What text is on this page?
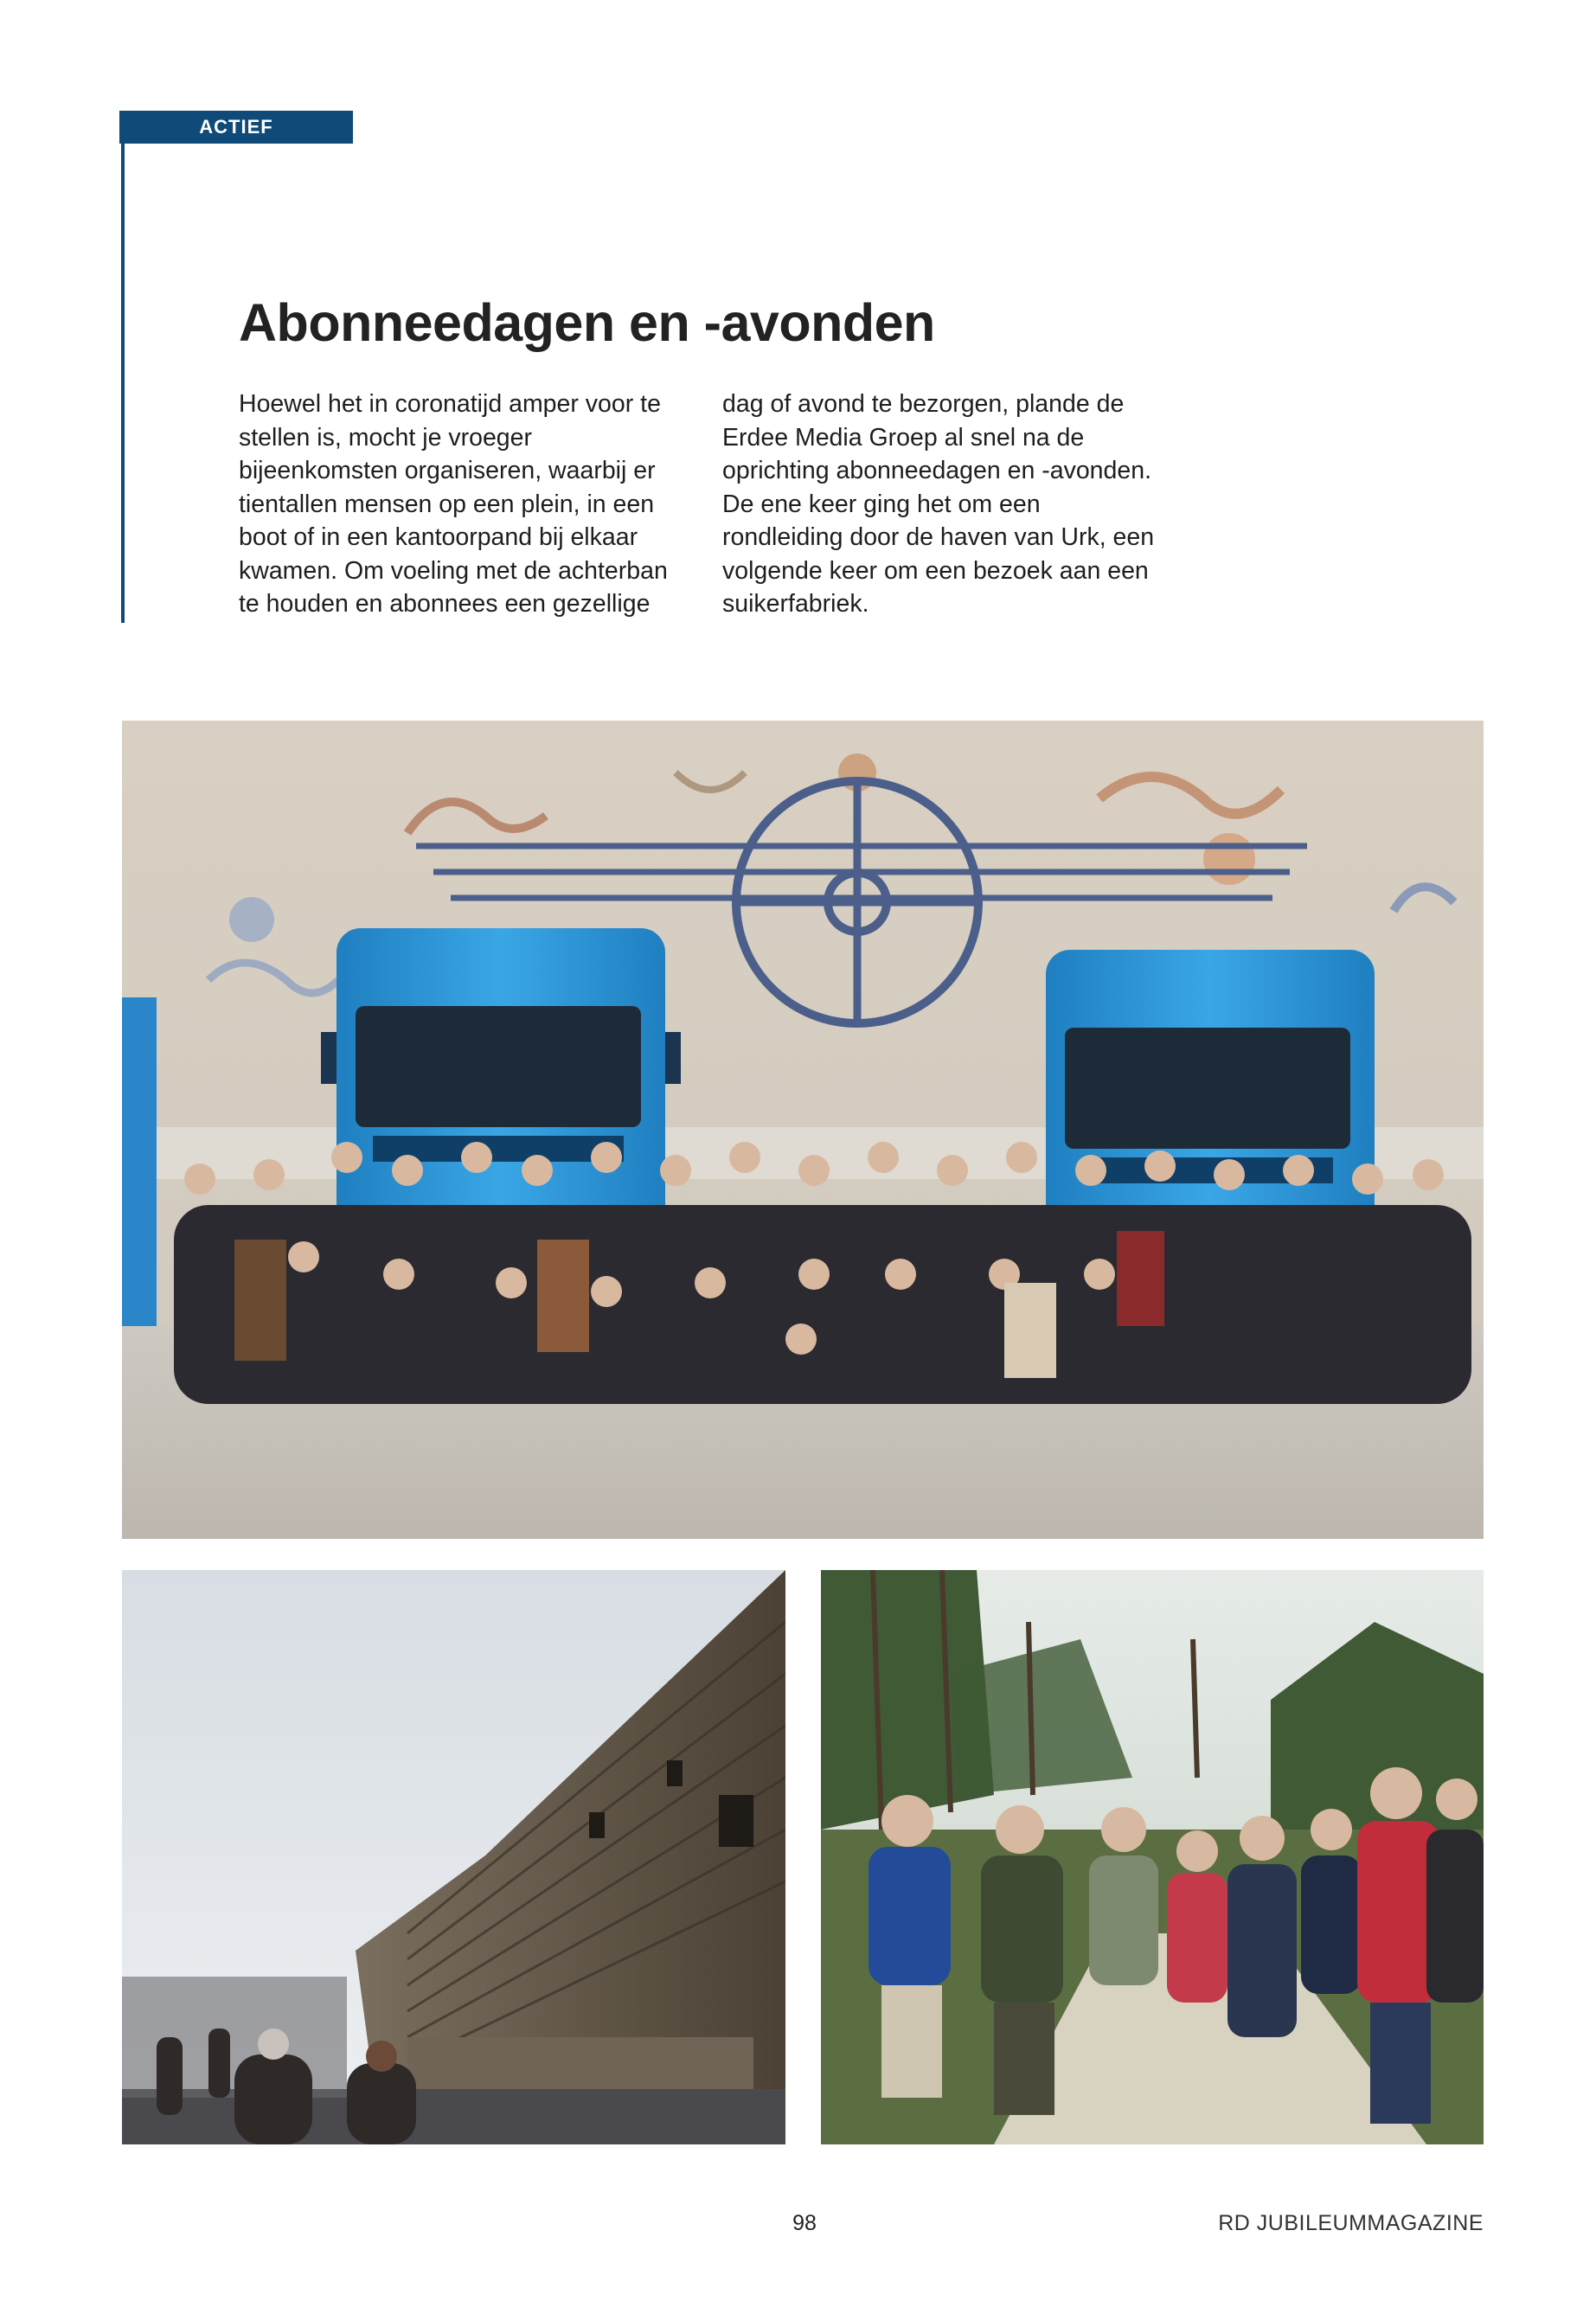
ACTIEF
Abonneedagen en -avonden
Hoewel het in coronatijd amper voor te stellen is, mocht je vroeger bijeenkomsten organiseren, waarbij er tientallen mensen op een plein, in een boot of in een kantoorpand bij elkaar kwamen. Om voeling met de achterban te houden en abonnees een gezellige dag of avond te bezorgen, plande de Erdee Media Groep al snel na de oprichting abonneedagen en -avonden. De ene keer ging het om een rondleiding door de haven van Urk, een volgende keer om een bezoek aan een suikerfabriek.
98	RD JUBILEUMMAGAZINE
